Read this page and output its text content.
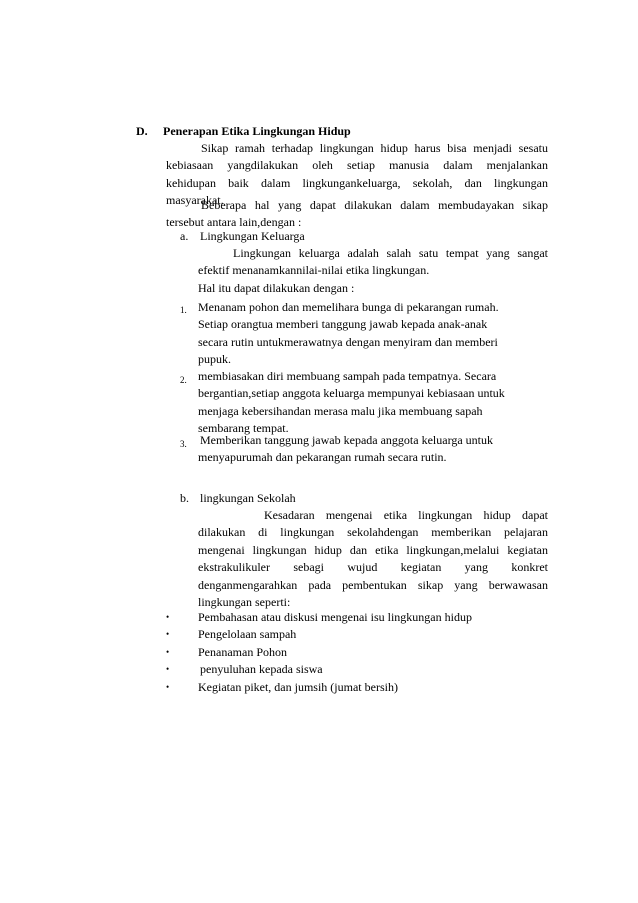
D. Penerapan Etika Lingkungan Hidup
Sikap ramah terhadap lingkungan hidup harus bisa menjadi sesatu
kebiasaan yangdilakukan oleh setiap manusia dalam menjalankan
kehidupan baik dalam lingkungankeluarga, sekolah, dan lingkungan
masyarakat.
Beberapa hal yang dapat dilakukan dalam membudayakan sikap
tersebut antara lain,dengan :
a. Lingkungan Keluarga
Lingkungan keluarga adalah salah satu tempat yang sangat
efektif menanamkannilai-nilai etika lingkungan.
Hal itu dapat dilakukan dengan :
1. Menanam pohon dan memelihara bunga di pekarangan rumah.
Setiap orangtua memberi tanggung jawab kepada anak-anak
secara rutin untukmerawatnya dengan menyiram dan memberi
pupuk.
2. membiasakan diri membuang sampah pada tempatnya. Secara
bergantian,setiap anggota keluarga mempunyai kebiasaan untuk
menjaga kebersihandan merasa malu jika membuang sapah
sembarang tempat.
3. Memberikan tanggung jawab kepada anggota keluarga untuk
menyapurumah dan pekarangan rumah secara rutin.
b. lingkungan Sekolah
Kesadaran mengenai etika lingkungan hidup dapat
dilakukan di lingkungan sekolahdengan memberikan pelajaran
mengenai lingkungan hidup dan etika lingkungan,melalui kegiatan
ekstrakulikuler sebagi wujud kegiatan yang konkret
denganmengarahkan pada pembentukan sikap yang berwawasan
lingkungan seperti:
• Pembahasan atau diskusi mengenai isu lingkungan hidup
• Pengelolaan sampah
• Penanaman Pohon
•	penyuluhan kepada siswa
• Kegiatan piket, dan jumsih (jumat bersih)
